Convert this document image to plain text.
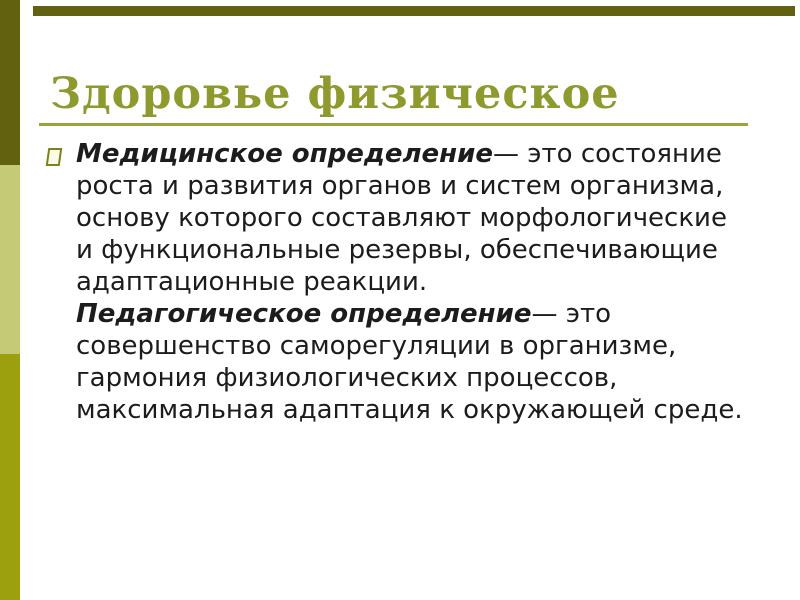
Здоровье физическое
Медицинское определение— это состояние
роста и развития органов и систем организма,
основу которого составляют морфологические
и функциональные резервы, обеспечивающие
адаптационные реакции.
Педагогическое определение— это
совершенство саморегуляции в организме,
гармония физиологических процессов,
максимальная адаптация к окружающей среде.
